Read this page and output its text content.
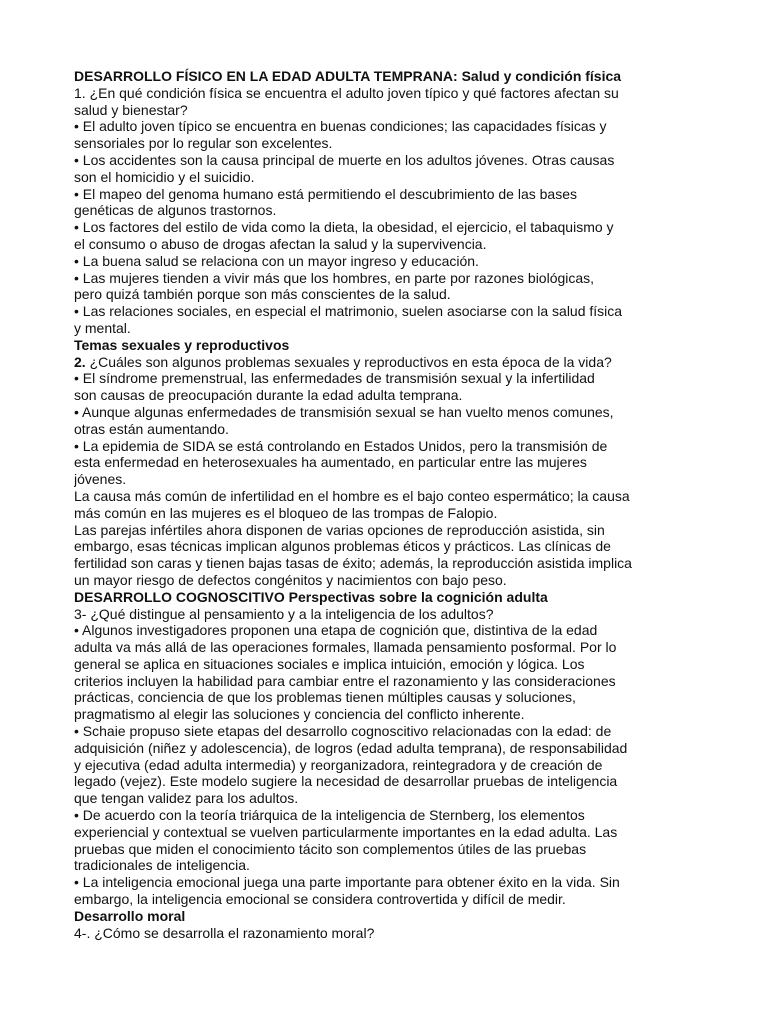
DESARROLLO FÍSICO EN LA EDAD ADULTA TEMPRANA: Salud y condición física
1. ¿En qué condición física se encuentra el adulto joven típico y qué factores afectan su
salud y bienestar?
• El adulto joven típico se encuentra en buenas condiciones; las capacidades físicas y
sensoriales por lo regular son excelentes.
• Los accidentes son la causa principal de muerte en los adultos jóvenes. Otras causas
son el homicidio y el suicidio.
• El mapeo del genoma humano está permitiendo el descubrimiento de las bases
genéticas de algunos trastornos.
• Los factores del estilo de vida como la dieta, la obesidad, el ejercicio, el tabaquismo y
el consumo o abuso de drogas afectan la salud y la supervivencia.
• La buena salud se relaciona con un mayor ingreso y educación.
• Las mujeres tienden a vivir más que los hombres, en parte por razones biológicas,
pero quizá también porque son más conscientes de la salud.
• Las relaciones sociales, en especial el matrimonio, suelen asociarse con la salud física
y mental.
Temas sexuales y reproductivos
2. ¿Cuáles son algunos problemas sexuales y reproductivos en esta época de la vida?
• El síndrome premenstrual, las enfermedades de transmisión sexual y la infertilidad
son causas de preocupación durante la edad adulta temprana.
• Aunque algunas enfermedades de transmisión sexual se han vuelto menos comunes,
otras están aumentando.
• La epidemia de SIDA se está controlando en Estados Unidos, pero la transmisión de
esta enfermedad en heterosexuales ha aumentado, en particular entre las mujeres
jóvenes.
La causa más común de infertilidad en el hombre es el bajo conteo espermático; la causa
más común en las mujeres es el bloqueo de las trompas de Falopio.
Las parejas infértiles ahora disponen de varias opciones de reproducción asistida, sin
embargo, esas técnicas implican algunos problemas éticos y prácticos. Las clínicas de
fertilidad son caras y tienen bajas tasas de éxito; además, la reproducción asistida implica
un mayor riesgo de defectos congénitos y nacimientos con bajo peso.
DESARROLLO COGNOSCITIVO Perspectivas sobre la cognición adulta
3- ¿Qué distingue al pensamiento y a la inteligencia de los adultos?
• Algunos investigadores proponen una etapa de cognición que, distintiva de la edad
adulta va más allá de las operaciones formales, llamada pensamiento posformal. Por lo
general se aplica en situaciones sociales e implica intuición, emoción y lógica. Los
criterios incluyen la habilidad para cambiar entre el razonamiento y las consideraciones
prácticas, conciencia de que los problemas tienen múltiples causas y soluciones,
pragmatismo al elegir las soluciones y conciencia del conflicto inherente.
• Schaie propuso siete etapas del desarrollo cognoscitivo relacionadas con la edad: de
adquisición (niñez y adolescencia), de logros (edad adulta temprana), de responsabilidad
y ejecutiva (edad adulta intermedia) y reorganizadora, reintegradora y de creación de
legado (vejez). Este modelo sugiere la necesidad de desarrollar pruebas de inteligencia
que tengan validez para los adultos.
• De acuerdo con la teoría triárquica de la inteligencia de Sternberg, los elementos
experiencial y contextual se vuelven particularmente importantes en la edad adulta. Las
pruebas que miden el conocimiento tácito son complementos útiles de las pruebas
tradicionales de inteligencia.
• La inteligencia emocional juega una parte importante para obtener éxito en la vida. Sin
embargo, la inteligencia emocional se considera controvertida y difícil de medir.
Desarrollo moral
4-. ¿Cómo se desarrolla el razonamiento moral?
